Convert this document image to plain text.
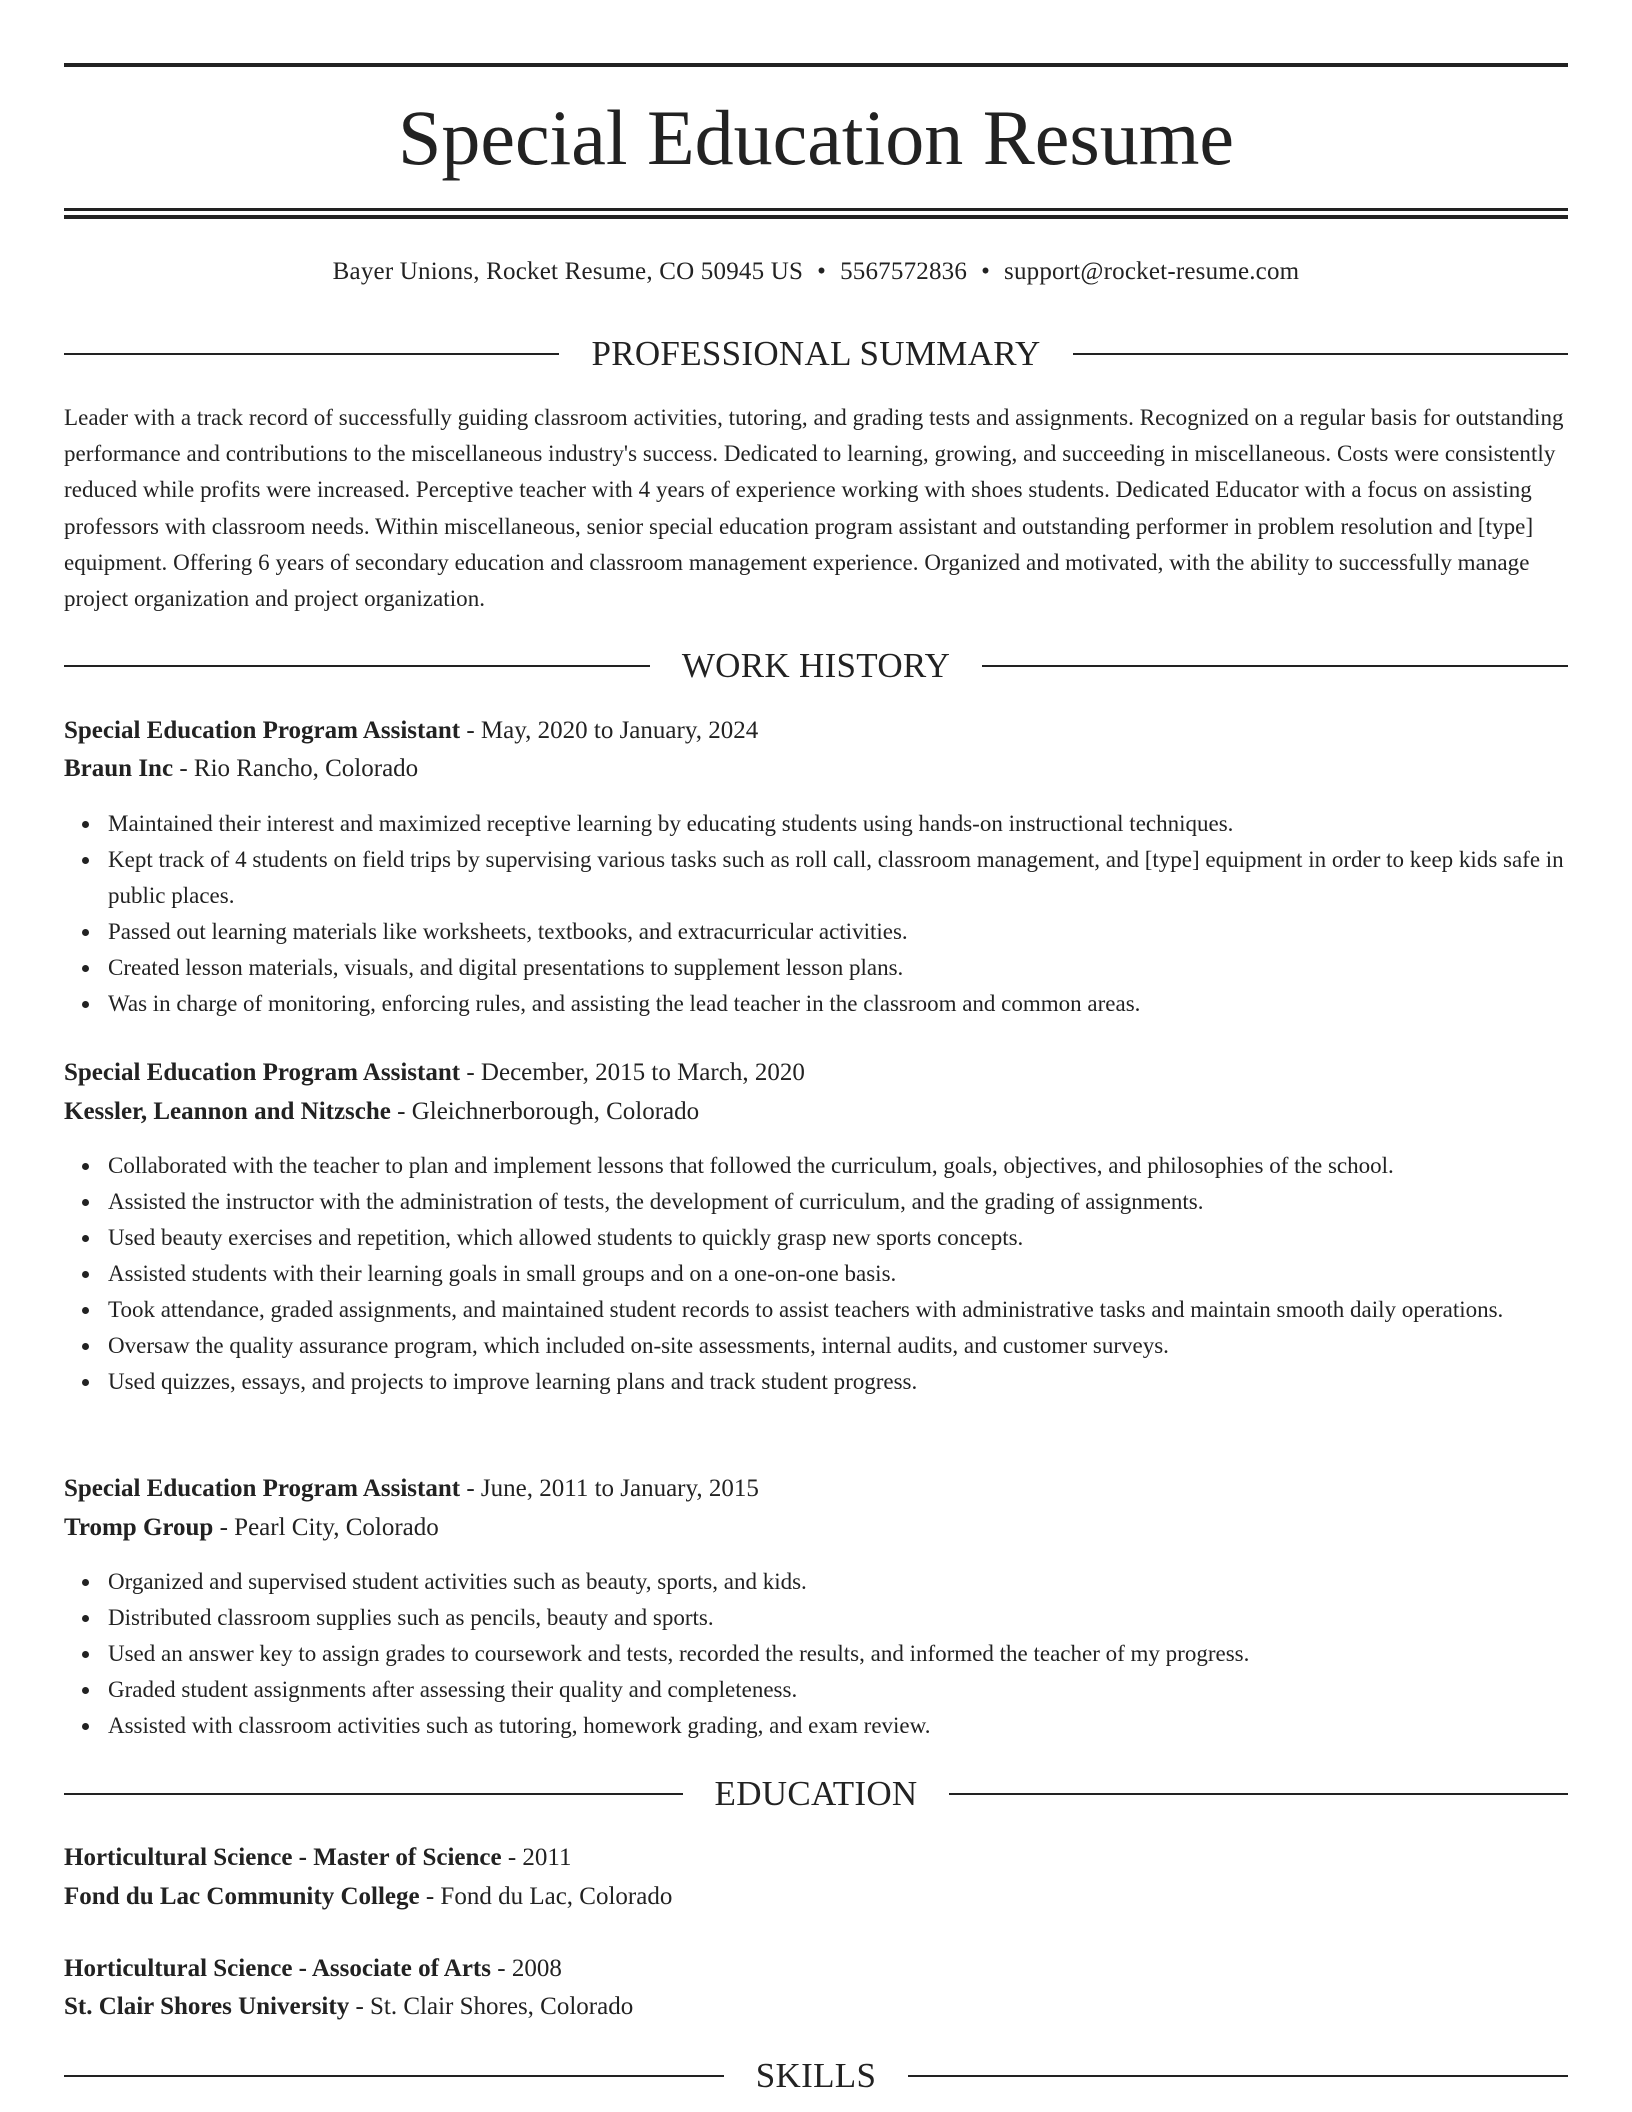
Special Education Resume
Bayer Unions, Rocket Resume, CO 50945 US • 5567572836 • support@rocket-resume.com
PROFESSIONAL SUMMARY

Leader with a track record of successfully guiding classroom activities, tutoring, and grading tests and assignments. Recognized on a regular basis for outstanding performance and contributions to the miscellaneous industry's success. Dedicated to learning, growing, and succeeding in miscellaneous. Costs were consistently reduced while profits were increased. Perceptive teacher with 4 years of experience working with shoes students. Dedicated Educator with a focus on assisting professors with classroom needs. Within miscellaneous, senior special education program assistant and outstanding performer in problem resolution and [type] equipment. Offering 6 years of secondary education and classroom management experience. Organized and motivated, with the ability to successfully manage project organization and project organization.

WORK HISTORY
Special Education Program Assistant - May, 2020 to January, 2024
Braun Inc - Rio Rancho, Colorado
Maintained their interest and maximized receptive learning by educating students using hands-on instructional techniques.
Kept track of 4 students on field trips by supervising various tasks such as roll call, classroom management, and [type] equipment in order to keep kids safe in public places.
Passed out learning materials like worksheets, textbooks, and extracurricular activities.
Created lesson materials, visuals, and digital presentations to supplement lesson plans.
Was in charge of monitoring, enforcing rules, and assisting the lead teacher in the classroom and common areas.
Special Education Program Assistant - December, 2015 to March, 2020
Kessler, Leannon and Nitzsche - Gleichnerborough, Colorado
Collaborated with the teacher to plan and implement lessons that followed the curriculum, goals, objectives, and philosophies of the school.
Assisted the instructor with the administration of tests, the development of curriculum, and the grading of assignments.
Used beauty exercises and repetition, which allowed students to quickly grasp new sports concepts.
Assisted students with their learning goals in small groups and on a one-on-one basis.
Took attendance, graded assignments, and maintained student records to assist teachers with administrative tasks and maintain smooth daily operations.
Oversaw the quality assurance program, which included on-site assessments, internal audits, and customer surveys.
Used quizzes, essays, and projects to improve learning plans and track student progress.
Special Education Program Assistant - June, 2011 to January, 2015
Tromp Group - Pearl City, Colorado
Organized and supervised student activities such as beauty, sports, and kids.
Distributed classroom supplies such as pencils, beauty and sports.
Used an answer key to assign grades to coursework and tests, recorded the results, and informed the teacher of my progress.
Graded student assignments after assessing their quality and completeness.
Assisted with classroom activities such as tutoring, homework grading, and exam review.
EDUCATION
Horticultural Science - Master of Science - 2011
Fond du Lac Community College - Fond du Lac, Colorado
Horticultural Science - Associate of Arts - 2008
St. Clair Shores University - St. Clair Shores, Colorado
SKILLS
